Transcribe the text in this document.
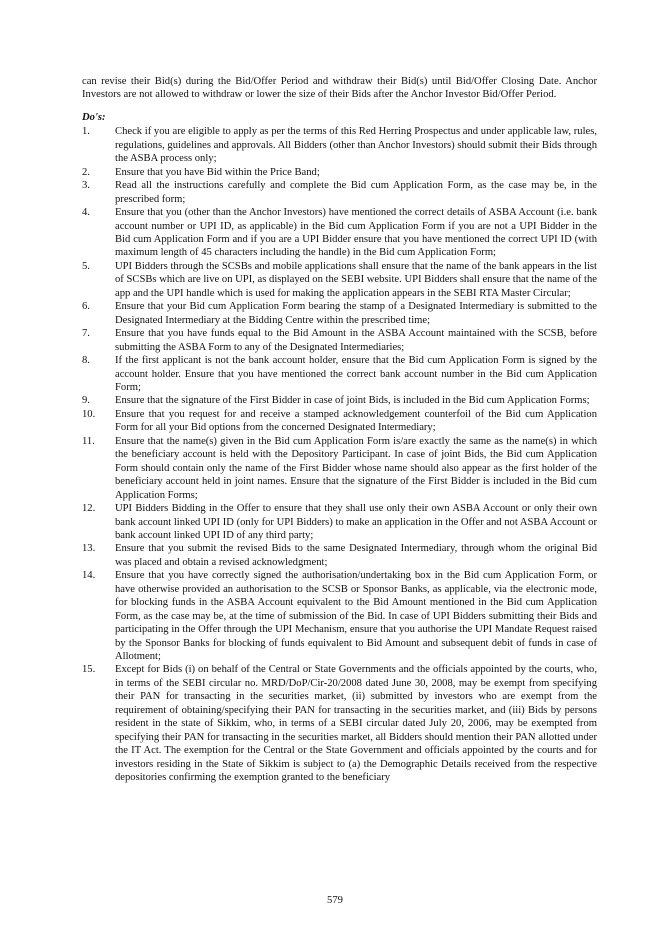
can revise their Bid(s) during the Bid/Offer Period and withdraw their Bid(s) until Bid/Offer Closing Date. Anchor Investors are not allowed to withdraw or lower the size of their Bids after the Anchor Investor Bid/Offer Period.

Do's:

1.	Check if you are eligible to apply as per the terms of this Red Herring Prospectus and under applicable law, rules, regulations, guidelines and approvals. All Bidders (other than Anchor Investors) should submit their Bids through the ASBA process only;
2.	Ensure that you have Bid within the Price Band;
3.	Read all the instructions carefully and complete the Bid cum Application Form, as the case may be, in the prescribed form;
4.	Ensure that you (other than the Anchor Investors) have mentioned the correct details of ASBA Account (i.e. bank account number or UPI ID, as applicable) in the Bid cum Application Form if you are not a UPI Bidder in the Bid cum Application Form and if you are a UPI Bidder ensure that you have mentioned the correct UPI ID (with maximum length of 45 characters including the handle) in the Bid cum Application Form;
5.	UPI Bidders through the SCSBs and mobile applications shall ensure that the name of the bank appears in the list of SCSBs which are live on UPI, as displayed on the SEBI website. UPI Bidders shall ensure that the name of the app and the UPI handle which is used for making the application appears in the SEBI RTA Master Circular;
6.	Ensure that your Bid cum Application Form bearing the stamp of a Designated Intermediary is submitted to the Designated Intermediary at the Bidding Centre within the prescribed time;
7.	Ensure that you have funds equal to the Bid Amount in the ASBA Account maintained with the SCSB, before submitting the ASBA Form to any of the Designated Intermediaries;
8.	If the first applicant is not the bank account holder, ensure that the Bid cum Application Form is signed by the account holder. Ensure that you have mentioned the correct bank account number in the Bid cum Application Form;
9.	Ensure that the signature of the First Bidder in case of joint Bids, is included in the Bid cum Application Forms;
10.	Ensure that you request for and receive a stamped acknowledgement counterfoil of the Bid cum Application Form for all your Bid options from the concerned Designated Intermediary;
11.	Ensure that the name(s) given in the Bid cum Application Form is/are exactly the same as the name(s) in which the beneficiary account is held with the Depository Participant. In case of joint Bids, the Bid cum Application Form should contain only the name of the First Bidder whose name should also appear as the first holder of the beneficiary account held in joint names. Ensure that the signature of the First Bidder is included in the Bid cum Application Forms;
12.	UPI Bidders Bidding in the Offer to ensure that they shall use only their own ASBA Account or only their own bank account linked UPI ID (only for UPI Bidders) to make an application in the Offer and not ASBA Account or bank account linked UPI ID of any third party;
13.	Ensure that you submit the revised Bids to the same Designated Intermediary, through whom the original Bid was placed and obtain a revised acknowledgment;
14.	Ensure that you have correctly signed the authorisation/undertaking box in the Bid cum Application Form, or have otherwise provided an authorisation to the SCSB or Sponsor Banks, as applicable, via the electronic mode, for blocking funds in the ASBA Account equivalent to the Bid Amount mentioned in the Bid cum Application Form, as the case may be, at the time of submission of the Bid. In case of UPI Bidders submitting their Bids and participating in the Offer through the UPI Mechanism, ensure that you authorise the UPI Mandate Request raised by the Sponsor Banks for blocking of funds equivalent to Bid Amount and subsequent debit of funds in case of Allotment;
15.	Except for Bids (i) on behalf of the Central or State Governments and the officials appointed by the courts, who, in terms of the SEBI circular no. MRD/DoP/Cir-20/2008 dated June 30, 2008, may be exempt from specifying their PAN for transacting in the securities market, (ii) submitted by investors who are exempt from the requirement of obtaining/specifying their PAN for transacting in the securities market, and (iii) Bids by persons resident in the state of Sikkim, who, in terms of a SEBI circular dated July 20, 2006, may be exempted from specifying their PAN for transacting in the securities market, all Bidders should mention their PAN allotted under the IT Act. The exemption for the Central or the State Government and officials appointed by the courts and for investors residing in the State of Sikkim is subject to (a) the Demographic Details received from the respective depositories confirming the exemption granted to the beneficiary
579
